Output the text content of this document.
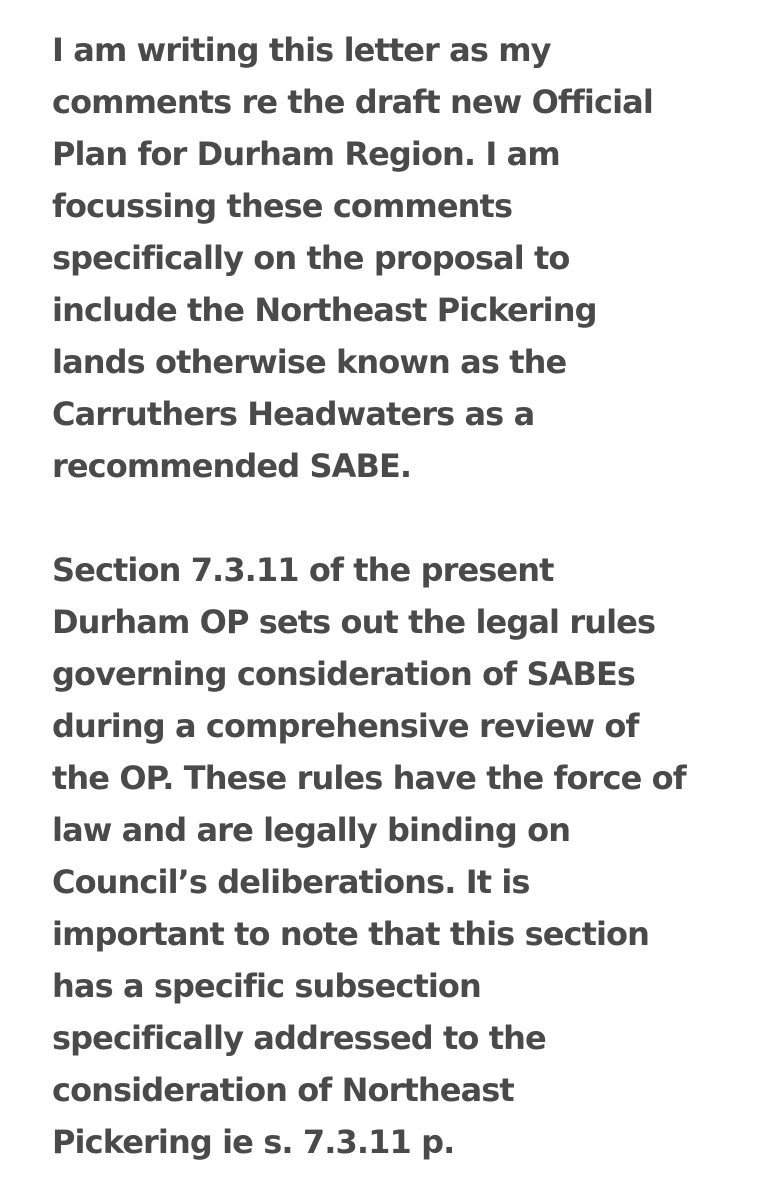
I am writing this letter as my
comments re the draft new Official
Plan for Durham Region. I am
focussing these comments
specifically on the proposal to
include the Northeast Pickering
lands otherwise known as the
Carruthers Headwaters as a
recommended SABE.
Section 7.3.11 of the present
Durham OP sets out the legal rules
governing consideration of SABEs
during a comprehensive review of
the OP. These rules have the force of
law and are legally binding on
Council’s deliberations. It is
important to note that this section
has a specific subsection
specifically addressed to the
consideration of Northeast
Pickering ie s. 7.3.11 p.
